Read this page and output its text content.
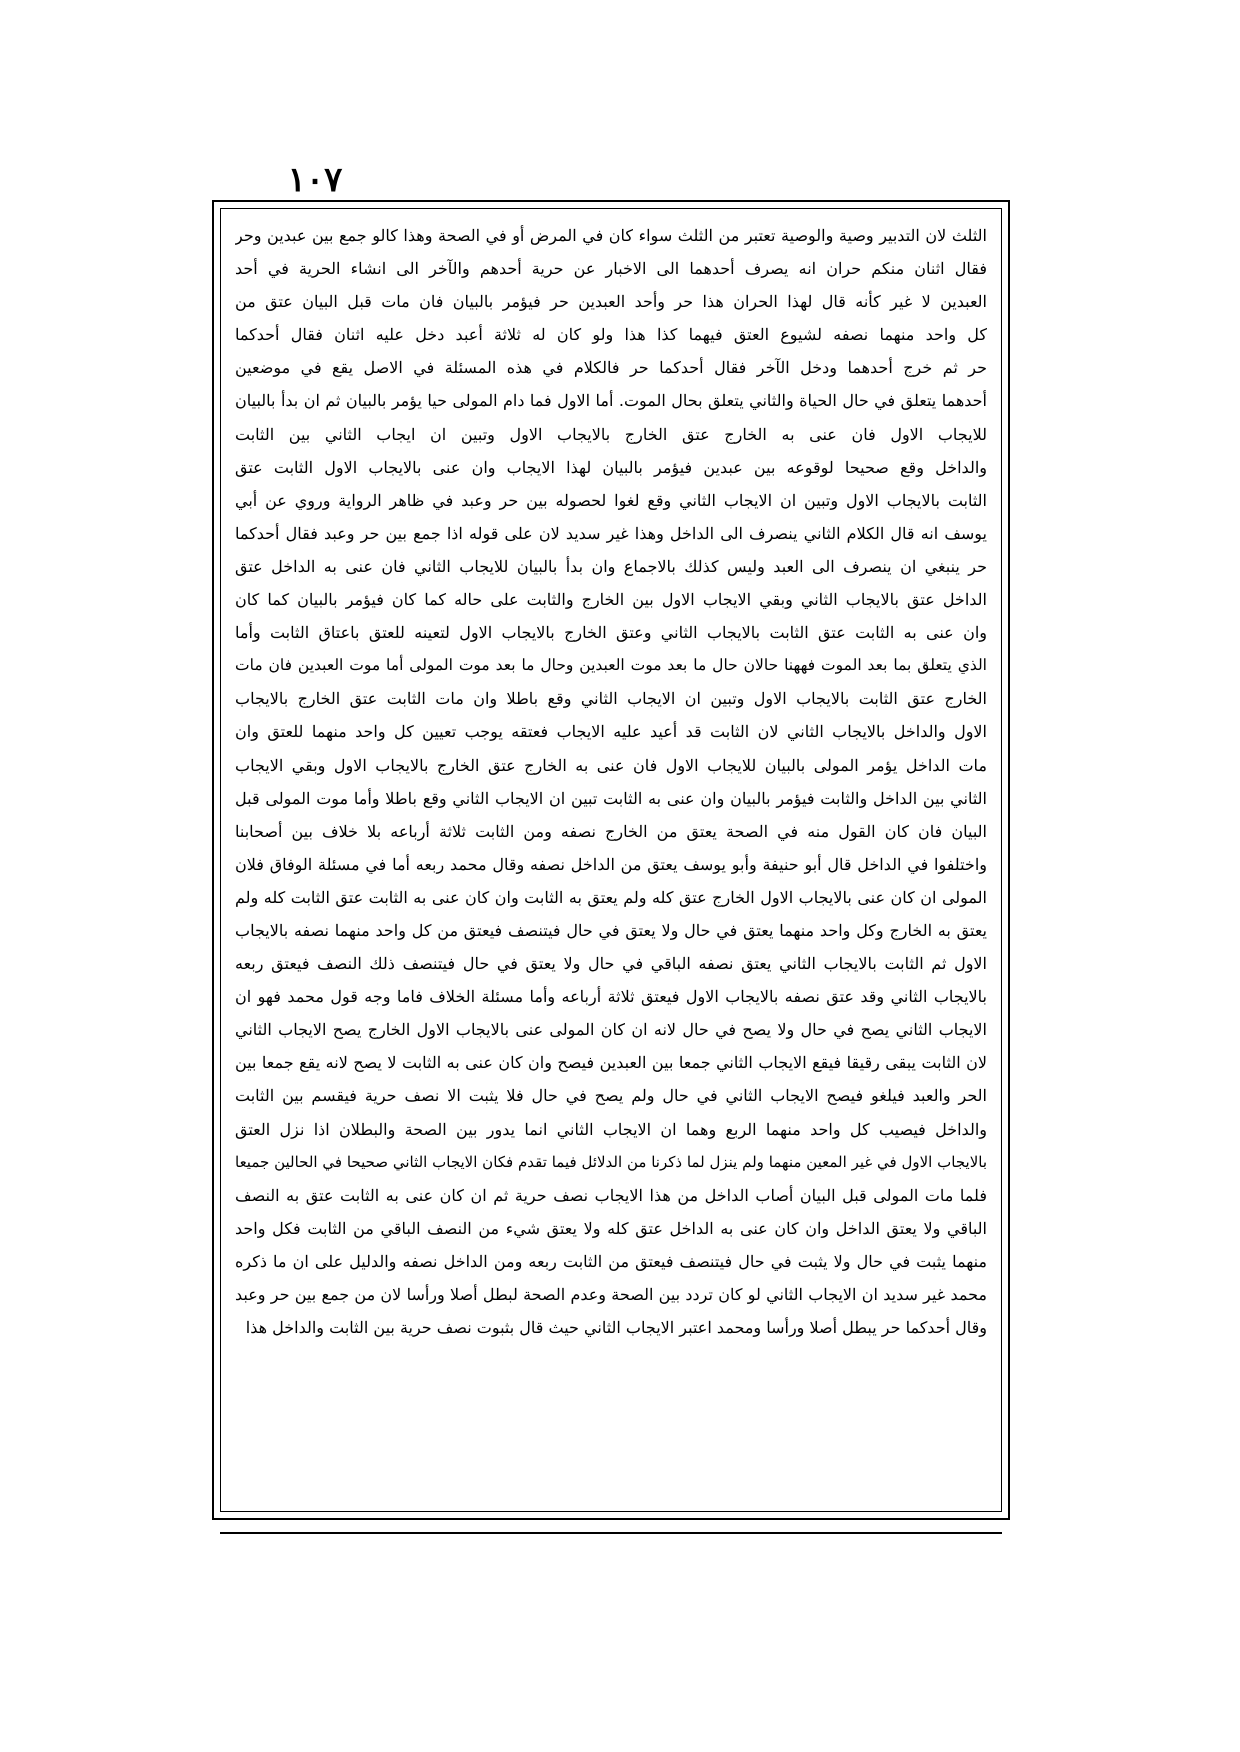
١٠٧
الثلث لان التدبير وصية والوصية تعتبر من الثلث سواء كان في المرض أو في الصحة وهذا كالو جمع بين عبدين وحر
فقال اثنان منكم حران انه يصرف أحدهما الى الاخبار عن حرية أحدهم والآخر الى انشاء الحرية في أحد
العبدين لا غير كأنه قال لهذا الحران هذا حر وأحد العبدين حر فيؤمر بالبيان فان مات قبل البيان عتق من
كل واحد منهما نصفه لشيوع العتق فيهما كذا هذا ولو كان له ثلاثة أعبد دخل عليه اثنان فقال أحدكما
حر ثم خرج أحدهما ودخل الآخر فقال أحدكما حر فالكلام في هذه المسئلة في الاصل يقع في موضعين
أحدهما يتعلق في حال الحياة والثاني يتعلق بحال الموت. أما الاول فما دام المولى حيا يؤمر بالبيان ثم ان بدأ بالبيان
للايجاب الاول فان عنى به الخارج عتق الخارج بالايجاب الاول وتبين ان ايجاب الثاني بين الثابت
والداخل وقع صحيحا لوقوعه بين عبدين فيؤمر بالبيان لهذا الايجاب وان عنى بالايجاب الاول الثابت عتق
الثابت بالايجاب الاول وتبين ان الايجاب الثاني وقع لغوا لحصوله بين حر وعبد في ظاهر الرواية وروي عن أبي
يوسف انه قال الكلام الثاني ينصرف الى الداخل وهذا غير سديد لان على قوله اذا جمع بين حر وعبد فقال أحدكما
حر ينبغي ان ينصرف الى العبد وليس كذلك بالاجماع وان بدأ بالبيان للايجاب الثاني فان عنى به الداخل عتق
الداخل عتق بالايجاب الثاني وبقي الايجاب الاول بين الخارج والثابت على حاله كما كان فيؤمر بالبيان كما كان
وان عنى به الثابت عتق الثابت بالايجاب الثاني وعتق الخارج بالايجاب الاول لتعينه للعتق باعتاق الثابت وأما
الذي يتعلق بما بعد الموت فههنا حالان حال ما بعد موت العبدين وحال ما بعد موت المولى أما موت العبدين فان مات
الخارج عتق الثابت بالايجاب الاول وتبين ان الايجاب الثاني وقع باطلا وان مات الثابت عتق الخارج بالايجاب
الاول والداخل بالايجاب الثاني لان الثابت قد أعيد عليه الايجاب فعتقه يوجب تعيين كل واحد منهما للعتق وان
مات الداخل يؤمر المولى بالبيان للايجاب الاول فان عنى به الخارج عتق الخارج بالايجاب الاول وبقي الايجاب
الثاني بين الداخل والثابت فيؤمر بالبيان وان عنى به الثابت تبين ان الايجاب الثاني وقع باطلا وأما موت المولى قبل
البيان فان كان القول منه في الصحة يعتق من الخارج نصفه ومن الثابت ثلاثة أرباعه بلا خلاف بين أصحابنا
واختلفوا في الداخل قال أبو حنيفة وأبو يوسف يعتق من الداخل نصفه وقال محمد ربعه أما في مسئلة الوفاق فلان
المولى ان كان عنى بالايجاب الاول الخارج عتق كله ولم يعتق به الثابت وان كان عنى به الثابت عتق الثابت كله ولم
يعتق به الخارج وكل واحد منهما يعتق في حال ولا يعتق في حال فيتنصف فيعتق من كل واحد منهما نصفه بالايجاب
الاول ثم الثابت بالايجاب الثاني يعتق نصفه الباقي في حال ولا يعتق في حال فيتنصف ذلك النصف فيعتق ربعه
بالايجاب الثاني وقد عتق نصفه بالايجاب الاول فيعتق ثلاثة أرباعه وأما مسئلة الخلاف فاما وجه قول محمد فهو ان
الايجاب الثاني يصح في حال ولا يصح في حال لانه ان كان المولى عنى بالايجاب الاول الخارج يصح الايجاب الثاني
لان الثابت يبقى رقيقا فيقع الايجاب الثاني جمعا بين العبدين فيصح وان كان عنى به الثابت لا يصح لانه يقع جمعا بين
الحر والعبد فيلغو فيصح الايجاب الثاني في حال ولم يصح في حال فلا يثبت الا نصف حرية فيقسم بين الثابت
والداخل فيصيب كل واحد منهما الربع وهما ان الايجاب الثاني انما يدور بين الصحة والبطلان اذا نزل العتق
بالايجاب الاول في غير المعين منهما ولم ينزل لما ذكرنا من الدلائل فيما تقدم فكان الايجاب الثاني صحيحا في الحالين جميعا
فلما مات المولى قبل البيان أصاب الداخل من هذا الايجاب نصف حرية ثم ان كان عنى به الثابت عتق به النصف
الباقي ولا يعتق الداخل وان كان عنى به الداخل عتق كله ولا يعتق شيء من النصف الباقي من الثابت فكل واحد
منهما يثبت في حال ولا يثبت في حال فيتنصف فيعتق من الثابت ربعه ومن الداخل نصفه والدليل على ان ما ذكره
محمد غير سديد ان الايجاب الثاني لو كان تردد بين الصحة وعدم الصحة لبطل أصلا ورأسا لان من جمع بين حر وعبد
وقال أحدكما حر يبطل أصلا ورأسا ومحمد اعتبر الايجاب الثاني حيث قال بثبوت نصف حرية بين الثابت والداخل هذا
